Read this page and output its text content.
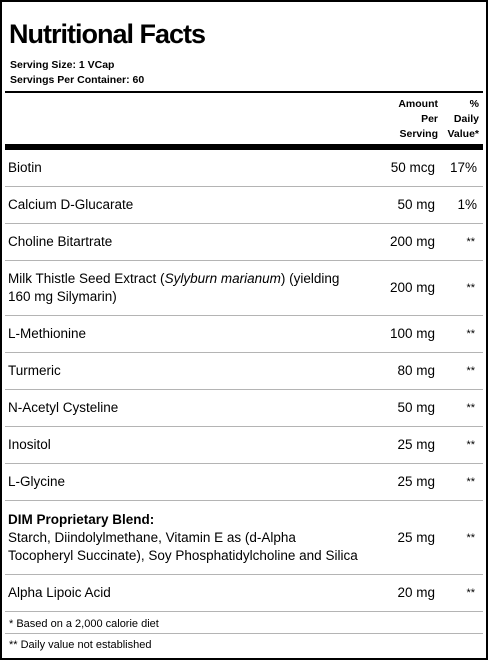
Nutritional Facts
Serving Size: 1 VCap
Servings Per Container: 60
Amount
Per
Serving
%
Daily
Value*
Biotin	50 mcg 17%
Calcium D-Glucarate	50 mg 1%
Choline Bitartrate	200 mg	**
Milk Thistle Seed Extract (Sylyburn marianum) (yielding 160 mg Silymarin)
200 mg	**
L-Methionine	100 mg	**
Turmeric	80 mg	**
N-Acetyl Cysteline	50 mg	**
Inositol	25 mg	**
L-Glycine	25 mg	**
DIM Proprietary Blend:
Starch, Diindolylmethane, Vitamin E as (d-Alpha Tocopheryl Succinate), Soy Phosphatidylcholine and Silica
25 mg	**
Alpha Lipoic Acid	20 mg	**
* Based on a 2,000 calorie diet
** Daily value not established
